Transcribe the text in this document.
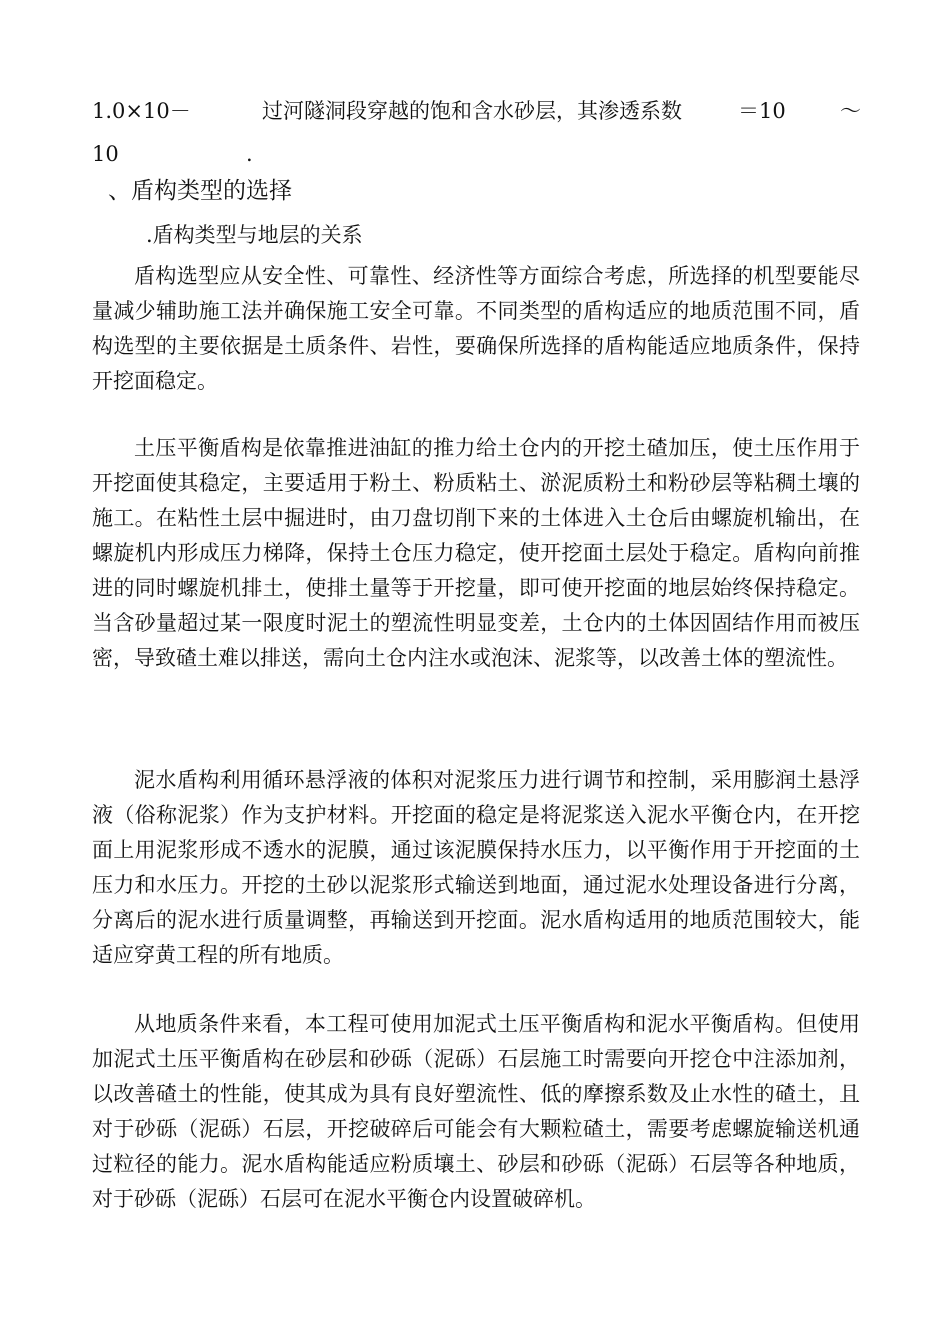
1.0×10－	过河隧洞段穿越的饱和含水砂层，其渗透系数	＝10	～
10	.
、盾构类型的选择
.盾构类型与地层的关系

盾构选型应从安全性、可靠性、经济性等方面综合考虑，所选择的机型要能尽量减少辅助施工法并确保施工安全可靠。不同类型的盾构适应的地质范围不同，盾构选型的主要依据是土质条件、岩性，要确保所选择的盾构能适应地质条件，保持开挖面稳定。

土压平衡盾构是依靠推进油缸的推力给土仓内的开挖土碴加压，使土压作用于开挖面使其稳定，主要适用于粉土、粉质粘土、淤泥质粉土和粉砂层等粘稠土壤的施工。在粘性土层中掘进时，由刀盘切削下来的土体进入土仓后由螺旋机输出，在螺旋机内形成压力梯降，保持土仓压力稳定，使开挖面土层处于稳定。盾构向前推进的同时螺旋机排土，使排土量等于开挖量，即可使开挖面的地层始终保持稳定。当含砂量超过某一限度时泥土的塑流性明显变差，土仓内的土体因固结作用而被压密，导致碴土难以排送，需向土仓内注水或泡沫、泥浆等，以改善土体的塑流性。

泥水盾构利用循环悬浮液的体积对泥浆压力进行调节和控制，采用膨润土悬浮液（俗称泥浆）作为支护材料。开挖面的稳定是将泥浆送入泥水平衡仓内，在开挖面上用泥浆形成不透水的泥膜，通过该泥膜保持水压力，以平衡作用于开挖面的土压力和水压力。开挖的土砂以泥浆形式输送到地面，通过泥水处理设备进行分离，分离后的泥水进行质量调整，再输送到开挖面。泥水盾构适用的地质范围较大，能适应穿黄工程的所有地质。

从地质条件来看，本工程可使用加泥式土压平衡盾构和泥水平衡盾构。但使用加泥式土压平衡盾构在砂层和砂砾（泥砾）石层施工时需要向开挖仓中注添加剂，以改善碴土的性能，使其成为具有良好塑流性、低的摩擦系数及止水性的碴土，且对于砂砾（泥砾）石层，开挖破碎后可能会有大颗粒碴土，需要考虑螺旋输送机通过粒径的能力。泥水盾构能适应粉质壤土、砂层和砂砾（泥砾）石层等各种地质，对于砂砾（泥砾）石层可在泥水平衡仓内设置破碎机。
